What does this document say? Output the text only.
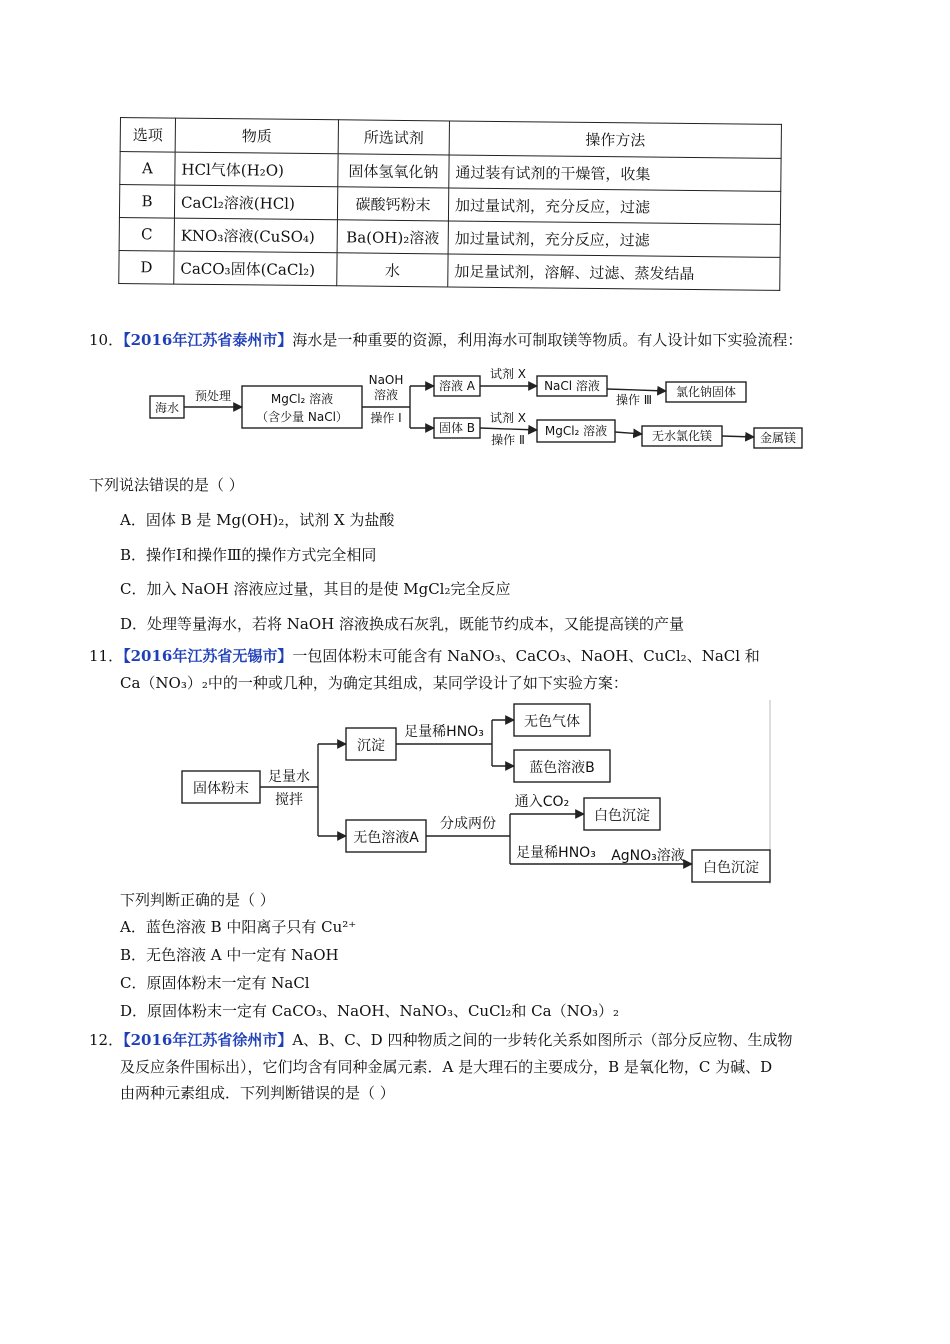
选项	物质	所选试剂	操作方法
A	HCl气体(H₂O)	固体氢氧化钠	通过装有试剂的干燥管，收集
B	CaCl₂溶液(HCl)	碳酸钙粉末	加过量试剂，充分反应，过滤
C	KNO₃溶液(CuSO₄)	Ba(OH)₂溶液	加过量试剂，充分反应，过滤
D	CaCO₃固体(CaCl₂)	水	加足量试剂，溶解、过滤、蒸发结晶
10．【2016年江苏省泰州市】海水是一种重要的资源，利用海水可制取镁等物质。有人设计如下实验流程：
海水
预处理	MgCl₂ 溶液
（含少量 NaCl）
NaOH
溶液
操作 Ⅰ
溶液 A
试剂 X
NaCl 溶液
操作 Ⅲ
氯化钠固体
固体 B
试剂 X
操作 Ⅱ
MgCl₂ 溶液	无水氯化镁	金属镁
下列说法错误的是（ ）
A．固体 B 是 Mg(OH)₂，试剂 X 为盐酸
B．操作Ⅰ和操作Ⅲ的操作方式完全相同
C．加入 NaOH 溶液应过量，其目的是使 MgCl₂完全反应
D．处理等量海水，若将 NaOH 溶液换成石灰乳，既能节约成本，又能提高镁的产量
11．【2016年江苏省无锡市】一包固体粉末可能含有 NaNO₃、CaCO₃、NaOH、CuCl₂、NaCl 和
Ca（NO₃）₂中的一种或几种，为确定其组成，某同学设计了如下实验方案：
固体粉末
足量水
搅拌
沉淀
足量稀HNO₃
无色气体
蓝色溶液B
无色溶液A
分成两份
通入CO₂
白色沉淀
足量稀HNO₃ AgNO₃溶液
白色沉淀
下列判断正确的是（ ）
A．蓝色溶液 B 中阳离子只有 Cu²⁺
B．无色溶液 A 中一定有 NaOH
C．原固体粉末一定有 NaCl
D．原固体粉末一定有 CaCO₃、NaOH、NaNO₃、CuCl₂和 Ca（NO₃）₂
12．【2016年江苏省徐州市】A、B、C、D 四种物质之间的一步转化关系如图所示（部分反应物、生成物
及反应条件围标出），它们均含有同种金属元素．A 是大理石的主要成分，B 是氧化物，C 为碱、D
由两种元素组成．下列判断错误的是（ ）
